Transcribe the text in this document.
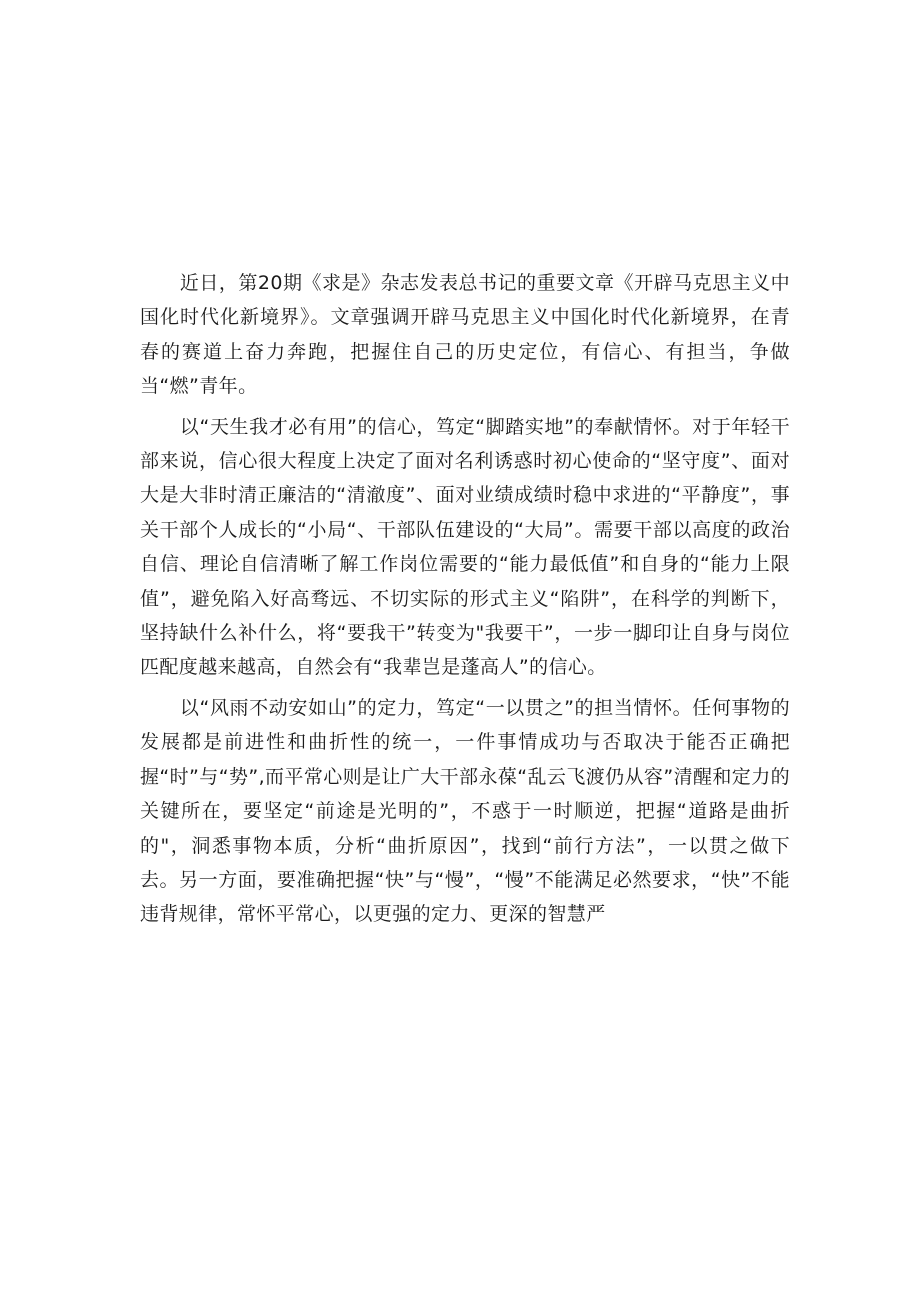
近日，第20期《求是》杂志发表总书记的重要文章《开辟马克思主义中国化时代化新境界》。文章强调开辟马克思主义中国化时代化新境界，在青春的赛道上奋力奔跑，把握住自己的历史定位，有信心、有担当，争做当“燃”青年。

以“天生我才必有用”的信心，笃定“脚踏实地”的奉献情怀。对于年轻干部来说，信心很大程度上决定了面对名利诱惑时初心使命的“坚守度”、面对大是大非时清正廉洁的“清澈度”、面对业绩成绩时稳中求进的“平静度”，事关干部个人成长的“小局“、干部队伍建设的“大局”。需要干部以高度的政治自信、理论自信清晰了解工作岗位需要的“能力最低值”和自身的“能力上限值”，避免陷入好高骛远、不切实际的形式主义“陷阱”，在科学的判断下，坚持缺什么补什么，将“要我干”转变为"我要干”，一步一脚印让自身与岗位匹配度越来越高，自然会有“我辈岂是蓬高人”的信心。

以“风雨不动安如山”的定力，笃定“一以贯之”的担当情怀。任何事物的发展都是前进性和曲折性的统一，一件事情成功与否取决于能否正确把握“时”与“势”,而平常心则是让广大干部永葆“乱云飞渡仍从容”清醒和定力的关键所在，要坚定“前途是光明的”，不惑于一时顺逆，把握“道路是曲折的"，洞悉事物本质，分析“曲折原因”，找到“前行方法”，一以贯之做下去。另一方面，要准确把握“快”与“慢”，“慢”不能满足必然要求，“快”不能违背规律，常怀平常心，以更强的定力、更深的智慧严
